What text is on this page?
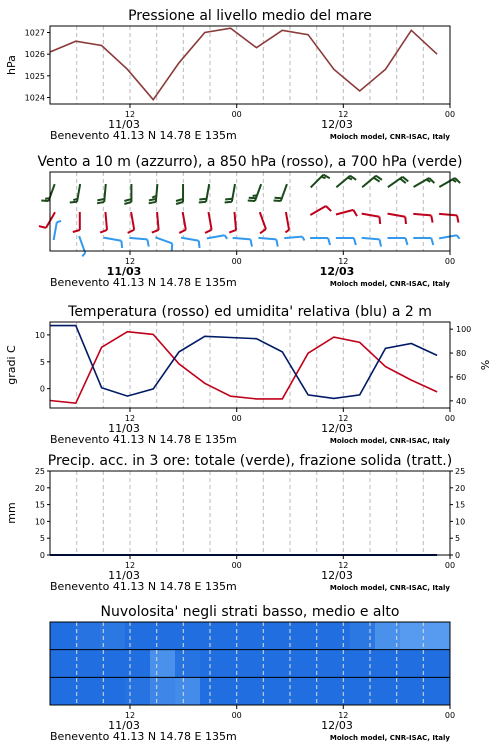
Pressione al livello medio del mare
1024
1025
1026
1027
hPa
12	00	12	00
11/03	12/03
Benevento 41.13 N 14.78 E 135m	Moloch model, CNR-ISAC, Italy
Vento a 10 m (azzurro), a 850 hPa (rosso), a 700 hPa (verde)
12	00	12	00
11/03	12/03
Benevento 41.13 N 14.78 E 135m	Moloch model, CNR-ISAC, Italy
Temperatura (rosso) ed umidita' relativa (blu) a 2 m
0
5
10
gradi C
40
60
80
100
%
12	00	12	00
11/03	12/03
Benevento 41.13 N 14.78 E 135m	Moloch model, CNR-ISAC, Italy
Precip. acc. in 3 ore: totale (verde), frazione solida (tratt.)
0	0
5	5
10	10
15	15
20	20
25	25
mm
12	00	12	00
11/03	12/03
Benevento 41.13 N 14.78 E 135m	Moloch model, CNR-ISAC, Italy
Nuvolosita' negli strati basso, medio e alto
12	00	12	00
11/03	12/03
Benevento 41.13 N 14.78 E 135m	Moloch model, CNR-ISAC, Italy
